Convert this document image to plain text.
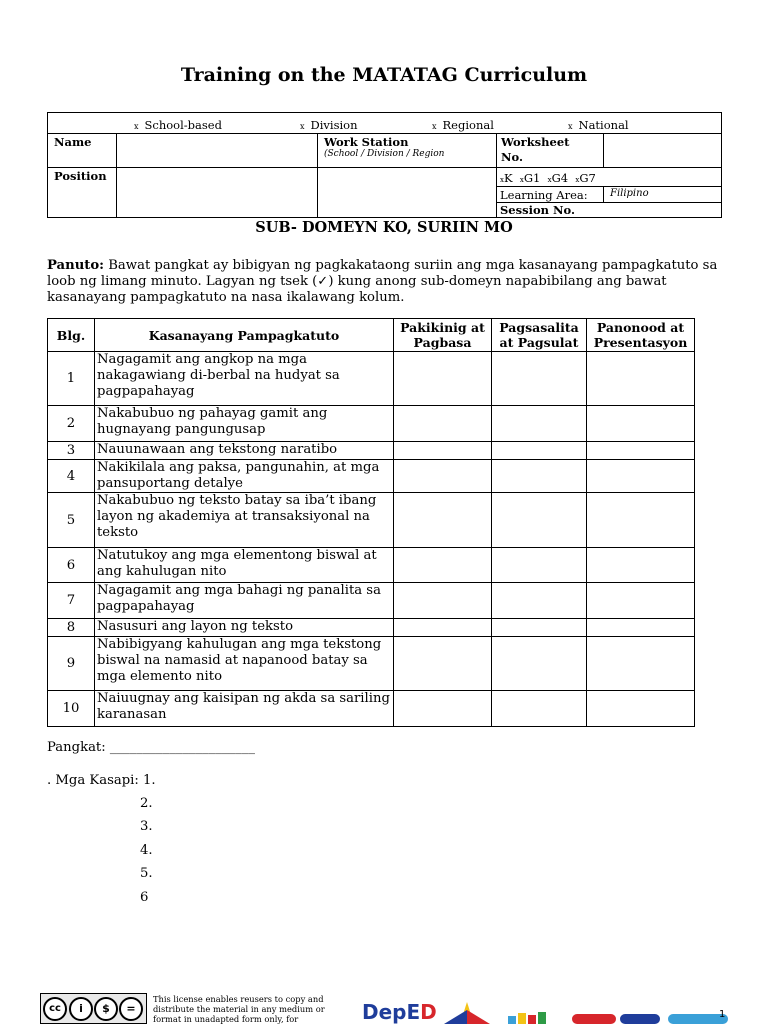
Training on the MATATAG Curriculum
x School-based	x Division	x Regional	x National
Name	Work Station
(School / Division / Region
Worksheet
No.
Position	xK xG1 xG4 xG7
Learning Area: Filipino
Session No.
SUB- DOMEYN KO, SURIIN MO
Panuto: Bawat pangkat ay bibigyan ng pagkakataong suriin ang mga kasanayang pampagkatuto sa loob ng limang minuto. Lagyan ng tsek (✓) kung anong sub-domeyn napabibilang ang bawat kasanayang pampagkatuto na nasa ikalawang kolum.
Blg.	Kasanayang Pampagkatuto	Pakikinig at Pagbasa	Pagsasalita at Pagsulat	Panonood at Presentasyon
1	Nagagamit ang angkop na mga nakagawiang di-berbal na hudyat sa pagpapahayag			
2	Nakabubuo ng pahayag gamit ang hugnayang pangungusap			
3	Nauunawaan ang tekstong naratibo			
4	Nakikilala ang paksa, pangunahin, at mga pansuportang detalye			
5	Nakabubuo ng teksto batay sa iba’t ibang layon ng akademiya at transaksiyonal na teksto			
6	Natutukoy ang mga elementong biswal at ang kahulugan nito			
7	Nagagamit ang mga bahagi ng panalita sa pagpapahayag			
8	Nasusuri ang layon ng teksto			
9	Nabibigyang kahulugan ang mga tekstong biswal na namasid at napanood batay sa mga elemento nito			
10	Naiuugnay ang kaisipan ng akda sa sariling karanasan			
Pangkat: ______________________
. Mga Kasapi: 1.
2.
3.
4.
5.
6
cc	i	$	=
This license enables reusers to copy and distribute the material in any medium or format in unadapted form only, for	DepED	1
